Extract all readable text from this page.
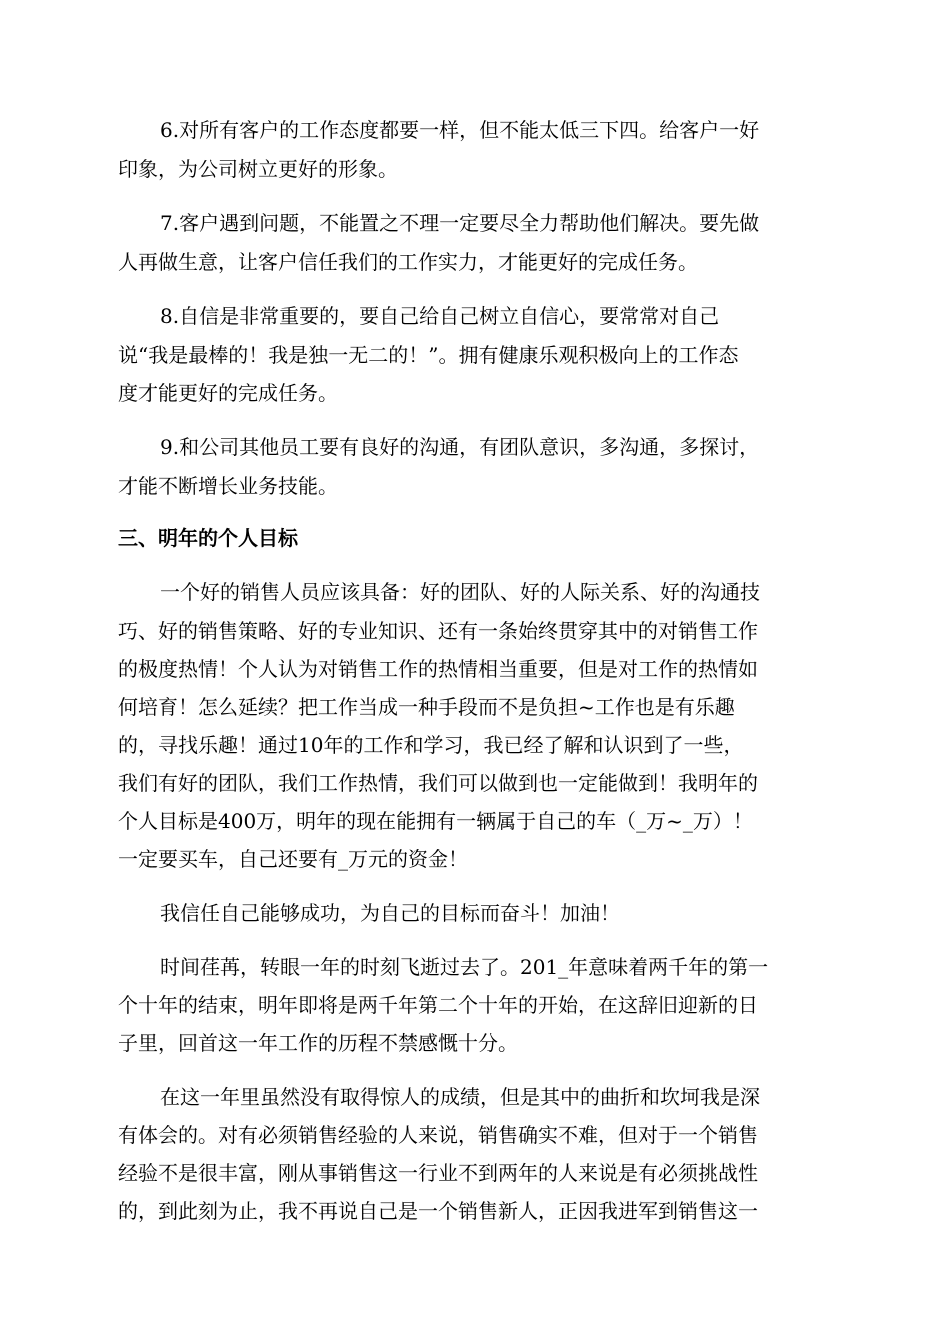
6.对所有客户的工作态度都要一样，但不能太低三下四。给客户一好
印象，为公司树立更好的形象。
7.客户遇到问题，不能置之不理一定要尽全力帮助他们解决。要先做
人再做生意，让客户信任我们的工作实力，才能更好的完成任务。
8.自信是非常重要的，要自己给自己树立自信心，要常常对自己
说“我是最棒的！我是独一无二的！”。拥有健康乐观积极向上的工作态
度才能更好的完成任务。
9.和公司其他员工要有良好的沟通，有团队意识，多沟通，多探讨，
才能不断增长业务技能。
三、明年的个人目标
一个好的销售人员应该具备：好的团队、好的人际关系、好的沟通技
巧、好的销售策略、好的专业知识、还有一条始终贯穿其中的对销售工作
的极度热情！个人认为对销售工作的热情相当重要，但是对工作的热情如
何培育！怎么延续？把工作当成一种手段而不是负担~工作也是有乐趣
的，寻找乐趣！通过10年的工作和学习，我已经了解和认识到了一些，
我们有好的团队，我们工作热情，我们可以做到也一定能做到！我明年的
个人目标是400万，明年的现在能拥有一辆属于自己的车（_万~_万）！
一定要买车，自己还要有_万元的资金！
我信任自己能够成功，为自己的目标而奋斗！加油！
时间荏苒，转眼一年的时刻飞逝过去了。201_年意味着两千年的第一
个十年的结束，明年即将是两千年第二个十年的开始，在这辞旧迎新的日
子里，回首这一年工作的历程不禁感慨十分。
在这一年里虽然没有取得惊人的成绩，但是其中的曲折和坎坷我是深
有体会的。对有必须销售经验的人来说，销售确实不难，但对于一个销售
经验不是很丰富，刚从事销售这一行业不到两年的人来说是有必须挑战性
的，到此刻为止，我不再说自己是一个销售新人，正因我进军到销售这一
